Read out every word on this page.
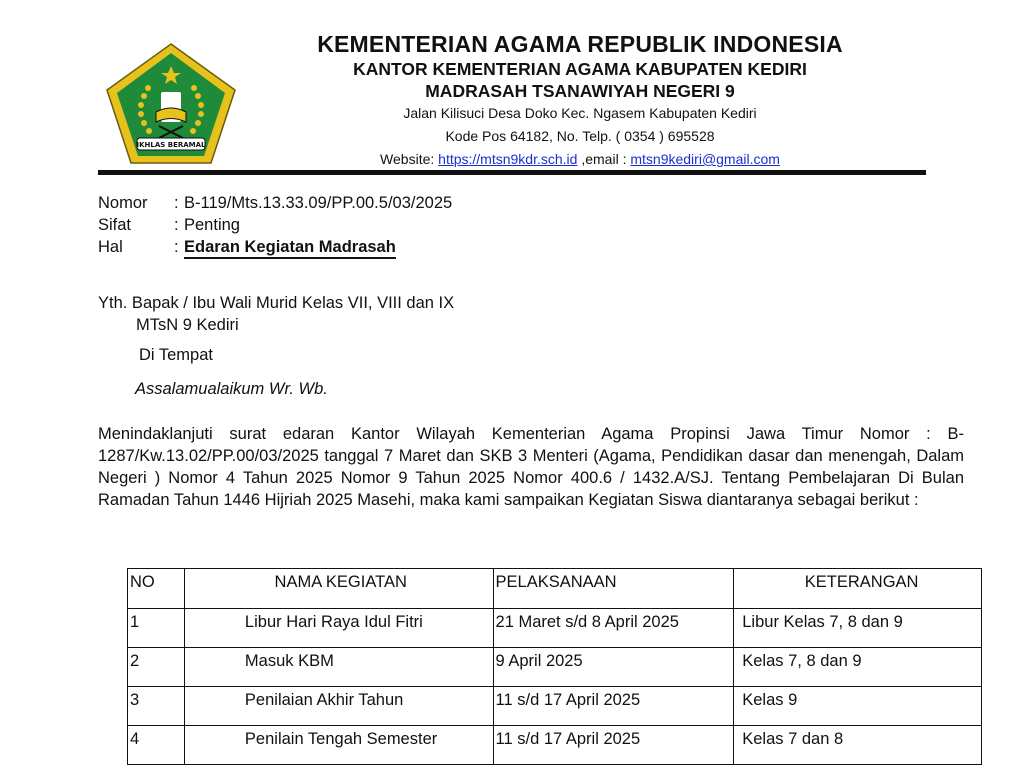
IKHLAS BERAMAL
KEMENTERIAN AGAMA REPUBLIK INDONESIA
KANTOR KEMENTERIAN AGAMA KABUPATEN KEDIRI
MADRASAH TSANAWIYAH NEGERI 9
Jalan Kilisuci Desa Doko Kec. Ngasem Kabupaten Kediri
Kode Pos 64182, No. Telp. ( 0354 ) 695528
Website: https://mtsn9kdr.sch.id ,email : mtsn9kediri@gmail.com
Nomor : B-119/Mts.13.33.09/PP.00.5/03/2025
Sifat	: Penting
Hal	: Edaran Kegiatan Madrasah
Yth. Bapak / Ibu Wali Murid Kelas VII, VIII dan IX
MTsN 9 Kediri
Di Tempat
Assalamualaikum Wr. Wb.
Menindaklanjuti surat edaran Kantor Wilayah Kementerian Agama Propinsi Jawa Timur Nomor : B-1287/Kw.13.02/PP.00/03/2025 tanggal 7 Maret dan SKB 3 Menteri (Agama, Pendidikan dasar dan menengah, Dalam Negeri ) Nomor 4 Tahun 2025 Nomor 9 Tahun 2025 Nomor 400.6 / 1432.A/SJ. Tentang Pembelajaran Di Bulan Ramadan Tahun 1446 Hijriah 2025 Masehi, maka kami sampaikan Kegiatan Siswa diantaranya sebagai berikut :
NO	NAMA KEGIATAN	PELAKSANAAN	KETERANGAN
1	Libur Hari Raya Idul Fitri	21 Maret s/d 8 April 2025	Libur Kelas 7, 8 dan 9
2	Masuk KBM	9 April 2025	Kelas 7, 8 dan 9
3	Penilaian Akhir Tahun	11 s/d 17 April 2025	Kelas 9
4	Penilain Tengah Semester	11 s/d 17 April 2025	Kelas 7 dan 8
